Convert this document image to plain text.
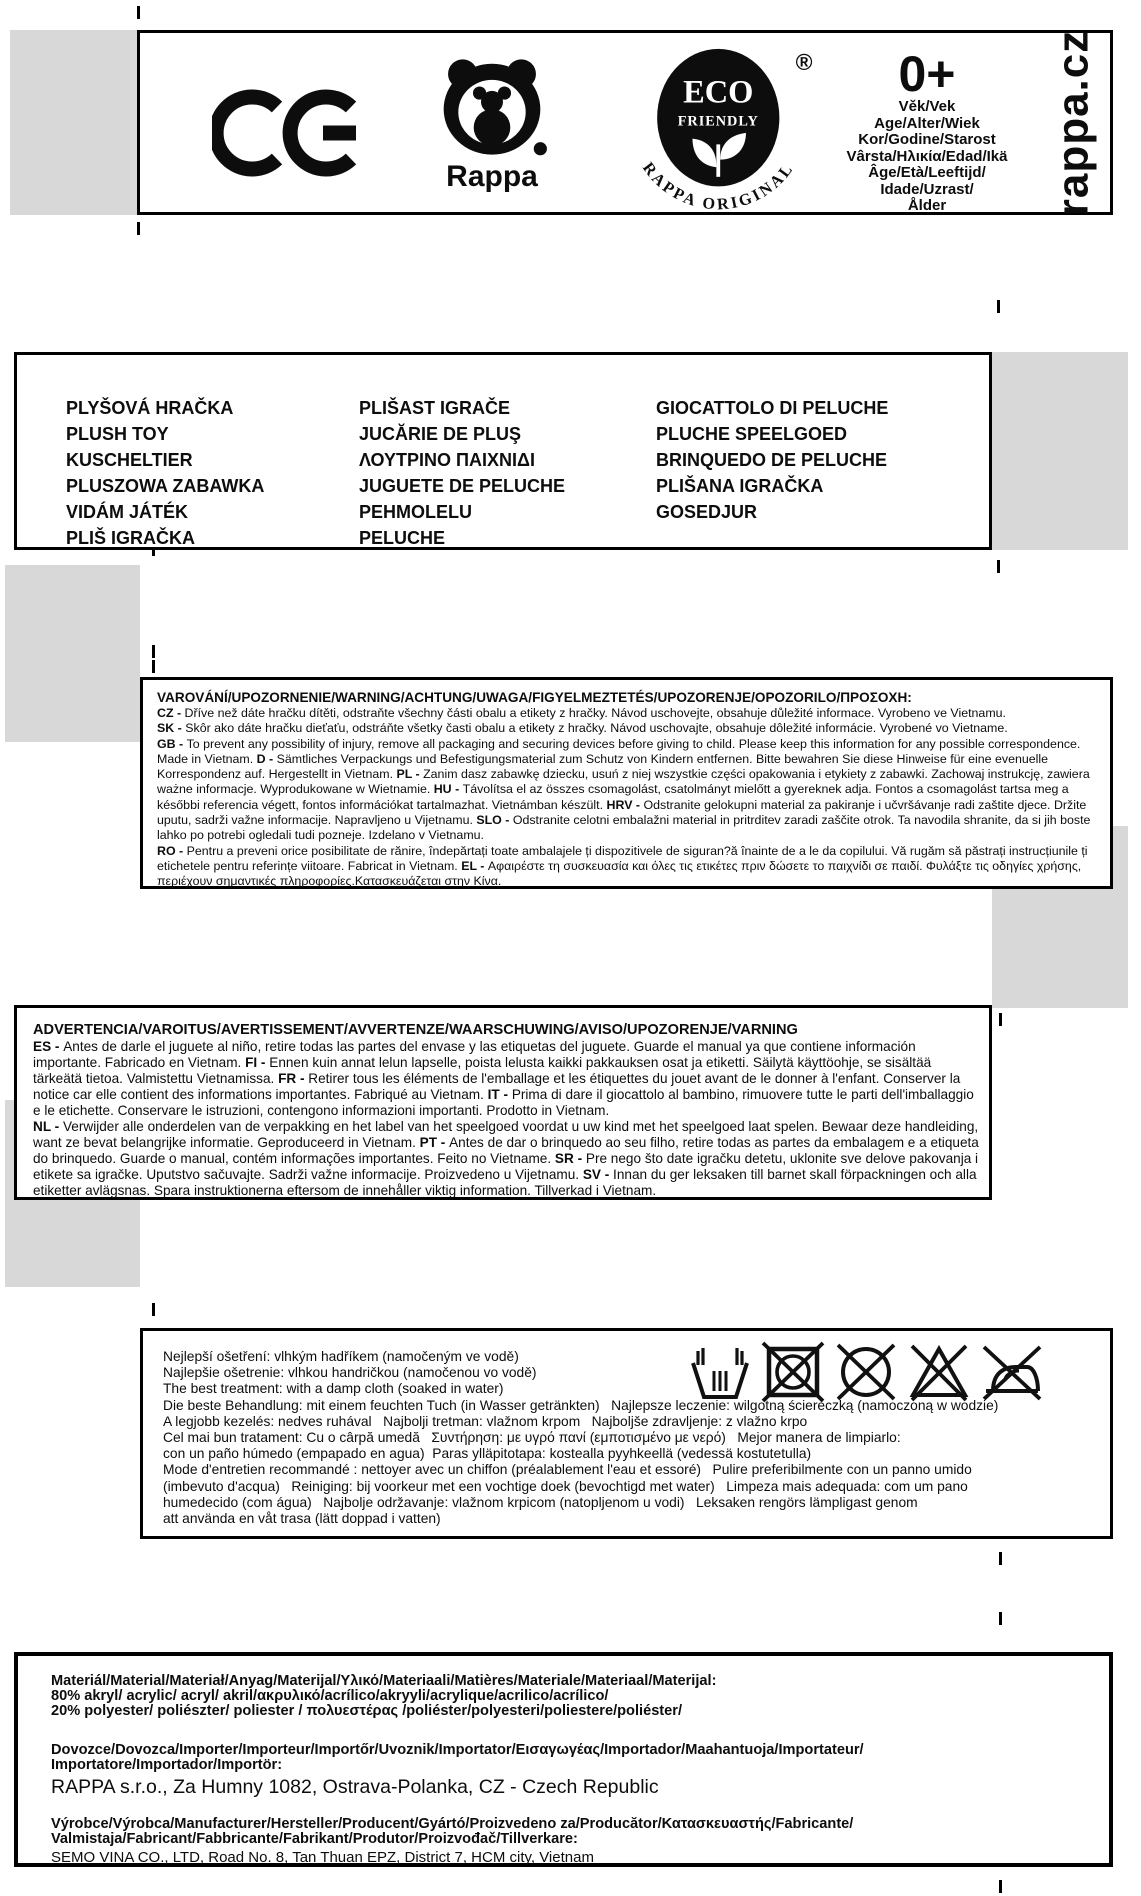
Rappa
ECO
FRIENDLY
®
RAPPA ORIGINAL
0+
Věk/Vek
Age/Alter/Wiek
Kor/Godine/Starost
Vârsta/Ηλικία/Edad/Ikä
Âge/Età/Leeftijd/
Idade/Uzrast/
Ålder	rappa.cz
PLYŠOVÁ HRAČKA
PLUSH TOY
KUSCHELTIER
PLUSZOWA ZABAWKA
VIDÁM JÁTÉK
PLIŠ IGRAČKA
PLIŠAST IGRAČE
JUCĂRIE DE PLUŞ
ΛΟΥΤΡΙΝΟ ΠΑΙΧΝΙΔΙ
JUGUETE DE PELUCHE
PEHMOLELU
PELUCHE
GIOCATTOLO DI PELUCHE
PLUCHE SPEELGOED
BRINQUEDO DE PELUCHE
PLIŠANA IGRAČKA
GOSEDJUR

VAROVÁNÍ/UPOZORNENIE/WARNING/ACHTUNG/UWAGA/FIGYELMEZTETÉS/UPOZORENJE/OPOZORILO/ΠΡΟΣΟΧΗ:

CZ - Dříve než dáte hračku dítěti, odstraňte všechny části obalu a etikety z hračky. Návod uschovejte, obsahuje důležité informace. Vyrobeno ve Vietnamu.

SK - Skôr ako dáte hračku dieťaťu, odstráňte všetky časti obalu a etikety z hračky. Návod uschovajte, obsahuje dôležité informácie. Vyrobené vo Vietname.

GB - To prevent any possibility of injury, remove all packaging and securing devices before giving to child. Please keep this information for any possible correspondence. Made in Vietnam. D - Sämtliches Verpackungs und Befestigungsmaterial zum Schutz von Kindern entfernen. Bitte bewahren Sie diese Hinweise für eine evenuelle Korrespondenz auf. Hergestellt in Vietnam. PL - Zanim dasz zabawkę dziecku, usuń z niej wszystkie części opakowania i etykiety z zabawki. Zachowaj instrukcję, zawiera ważne informacje. Wyprodukowane w Wietnamie. HU - Távolítsa el az összes csomagolást, csatolmányt mielőtt a gyereknek adja. Fontos a csomagolást tartsa meg a későbbi referencia végett, fontos információkat tartalmazhat. Vietnámban készült. HRV - Odstranite gelokupni material za pakiranje i učvršávanje radi zaštite djece. Držite uputu, sadrži važne informacije. Napravljeno u Vijetnamu. SLO - Odstranite celotni embalažni material in pritrditev zaradi zaščite otrok. Ta navodila shranite, da si jih boste lahko po potrebi ogledali tudi pozneje. Izdelano v Vietnamu.

RO - Pentru a preveni orice posibilitate de rănire, îndepărtați toate ambalajele ți dispozitivele de siguran?ă înainte de a le da copilului. Vă rugăm să păstrați instrucțiunile ți etichetele pentru referințe viitoare. Fabricat in Vietnam. EL - Αφαιρέστε τη συσκευασία και όλες τις ετικέτες πριν δώσετε το παιχνίδι σε παιδί. Φυλάξτε τις οδηγίες χρήσης, περιέχουν σημαντικές πληροφορίες.Κατασκευάζεται στην Κίνα.

ADVERTENCIA/VAROITUS/AVERTISSEMENT/AVVERTENZE/WAARSCHUWING/AVISO/UPOZORENJE/VARNING

ES - Antes de darle el juguete al niño, retire todas las partes del envase y las etiquetas del juguete. Guarde el manual ya que contiene información importante. Fabricado en Vietnam. FI - Ennen kuin annat lelun lapselle, poista lelusta kaikki pakkauksen osat ja etiketti. Säilytä käyttöohje, se sisältää tärkeätä tietoa. Valmistettu Vietnamissa. FR - Retirer tous les éléments de l'emballage et les étiquettes du jouet avant de le donner à l'enfant. Conserver la notice car elle contient des informations importantes. Fabriqué au Vietnam. IT - Prima di dare il giocattolo al bambino, rimuovere tutte le parti dell'imballaggio e le etichette. Conservare le istruzioni, contengono informazioni importanti. Prodotto in Vietnam.

NL - Verwijder alle onderdelen van de verpakking en het label van het speelgoed voordat u uw kind met het speelgoed laat spelen. Bewaar deze handleiding, want ze bevat belangrijke informatie. Geproduceerd in Vietnam. PT - Antes de dar o brinquedo ao seu filho, retire todas as partes da embalagem e a etiqueta do brinquedo. Guarde o manual, contém informações importantes. Feito no Vietname. SR - Pre nego što date igračku detetu, uklonite sve delove pakovanja i etikete sa igračke. Uputstvo sačuvajte. Sadrži važne informacije. Proizvedeno u Vijetnamu. SV - Innan du ger leksaken till barnet skall förpackningen och alla etiketter avlägsnas. Spara instruktionerna eftersom de innehåller viktig information. Tillverkad i Vietnam.

Nejlepší ošetření: vlhkým hadříkem (namočeným ve vodě)
Najlepšie ošetrenie: vlhkou handričkou (namočenou vo vodě)
The best treatment: with a damp cloth (soaked in water)
Die beste Behandlung: mit einem feuchten Tuch (in Wasser getränkten)   Najlepsze leczenie: wilgotną ściereczką (namoczoną w wodzie)
A legjobb kezelés: nedves ruhával   Najbolji tretman: vlažnom krpom   Najboljše zdravljenje: z vlažno krpo
Cel mai bun tratament: Cu o cârpă umedă   Συντήρηση: με υγρό πανί (εμποτισμένο με νερό)   Mejor manera de limpiarlo:
con un paño húmedo (empapado en agua)  Paras ylläpitotapa: kostealla pyyhkeellä (vedessä kostutetulla)
Mode d'entretien recommandé : nettoyer avec un chiffon (préalablement l'eau et essoré)   Pulire preferibilmente con un panno umido
(imbevuto d'acqua)   Reiniging: bij voorkeur met een vochtige doek (bevochtigd met water)   Limpeza mais adequada: com um pano
humedecido (com água)   Najbolje održavanje: vlažnom krpicom (natopljenom u vodi)   Leksaken rengörs lämpligast genom
att använda en våt trasa (lätt doppad i vatten)

Materiál/Material/Materiał/Anyag/Materijal/Υλικό/Materiaali/Matières/Materiale/Materiaal/Materijal:

80% akryl/ acrylic/ acryl/ akril/ακρυλικό/acrílico/akryyli/acrylique/acrilico/acrílico/

20% polyester/ poliészter/ poliester / πολυεστέρας /poliéster/polyesteri/poliestere/poliéster/

Dovozce/Dovozca/Importer/Importeur/Importőr/Uvoznik/Importator/Εισαγωγέας/Importador/Maahantuoja/Importateur/

Importatore/Importador/Importör:

RAPPA s.r.o., Za Humny 1082, Ostrava-Polanka, CZ - Czech Republic

Výrobce/Výrobca/Manufacturer/Hersteller/Producent/Gyártó/Proizvedeno za/Producător/Κατασκευαστής/Fabricante/

Valmistaja/Fabricant/Fabbricante/Fabrikant/Produtor/Proizvođač/Tillverkare:

SEMO VINA CO., LTD, Road No. 8, Tan Thuan EPZ, District 7, HCM city, Vietnam
